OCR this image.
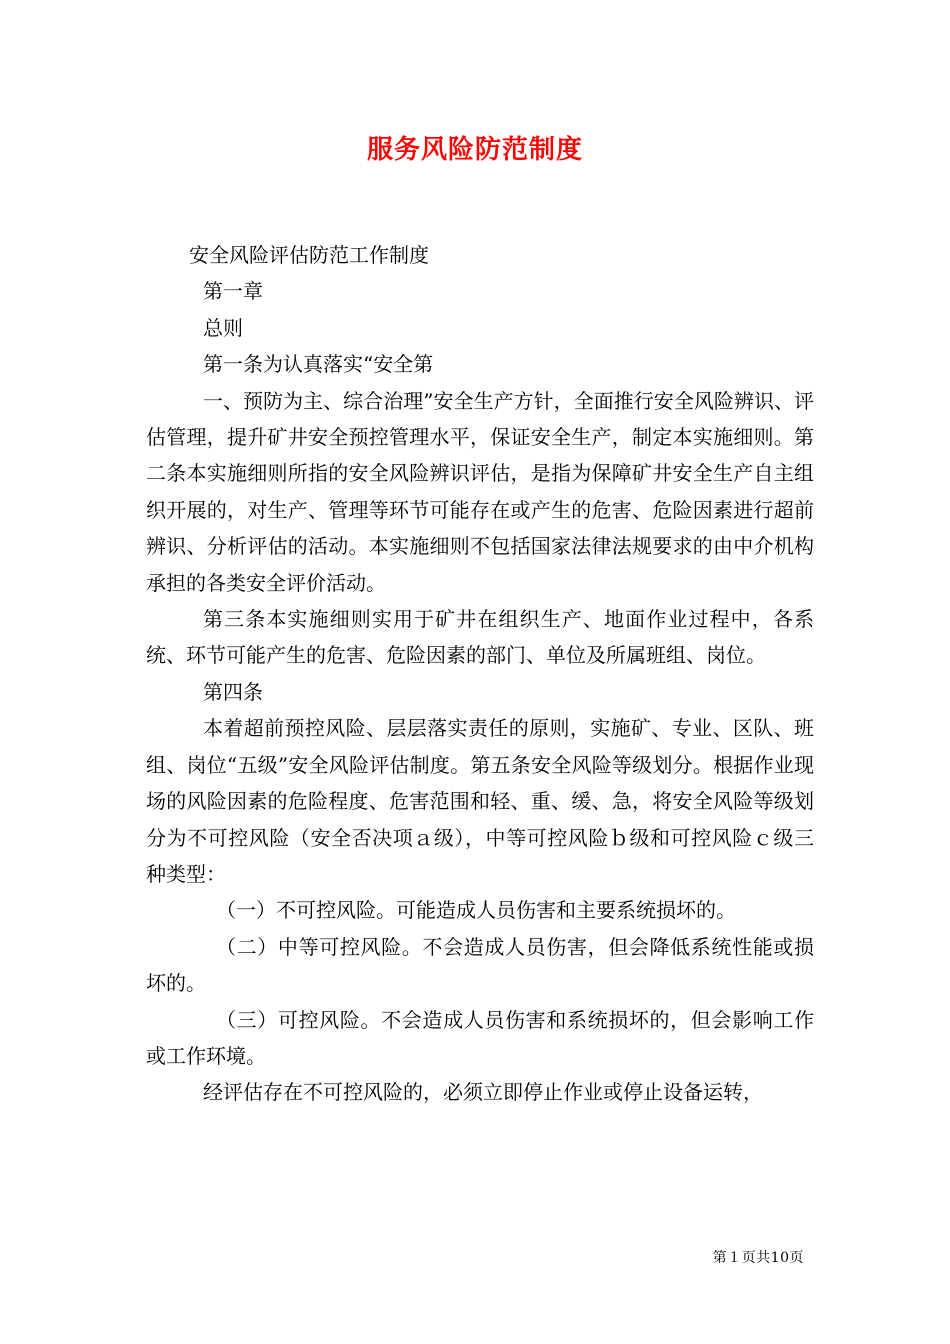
服务风险防范制度

安全风险评估防范工作制度

第一章

总则

第一条为认真落实“安全第

一、预防为主、综合治理”安全生产方针，全面推行安全风险辨识、评估管理，提升矿井安全预控管理水平，保证安全生产，制定本实施细则。第二条本实施细则所指的安全风险辨识评估，是指为保障矿井安全生产自主组织开展的，对生产、管理等环节可能存在或产生的危害、危险因素进行超前辨识、分析评估的活动。本实施细则不包括国家法律法规要求的由中介机构承担的各类安全评价活动。

第三条本实施细则实用于矿井在组织生产、地面作业过程中，各系统、环节可能产生的危害、危险因素的部门、单位及所属班组、岗位。

第四条

本着超前预控风险、层层落实责任的原则，实施矿、专业、区队、班组、岗位“五级”安全风险评估制度。第五条安全风险等级划分。根据作业现场的风险因素的危险程度、危害范围和轻、重、缓、急，将安全风险等级划分为不可控风险（安全否决项ａ级），中等可控风险ｂ级和可控风险ｃ级三种类型：

（一）不可控风险。可能造成人员伤害和主要系统损坏的。

（二）中等可控风险。不会造成人员伤害，但会降低系统性能或损坏的。

（三）可控风险。不会造成人员伤害和系统损坏的，但会影响工作或工作环境。

经评估存在不可控风险的，必须立即停止作业或停止设备运转，

第１页共10页
